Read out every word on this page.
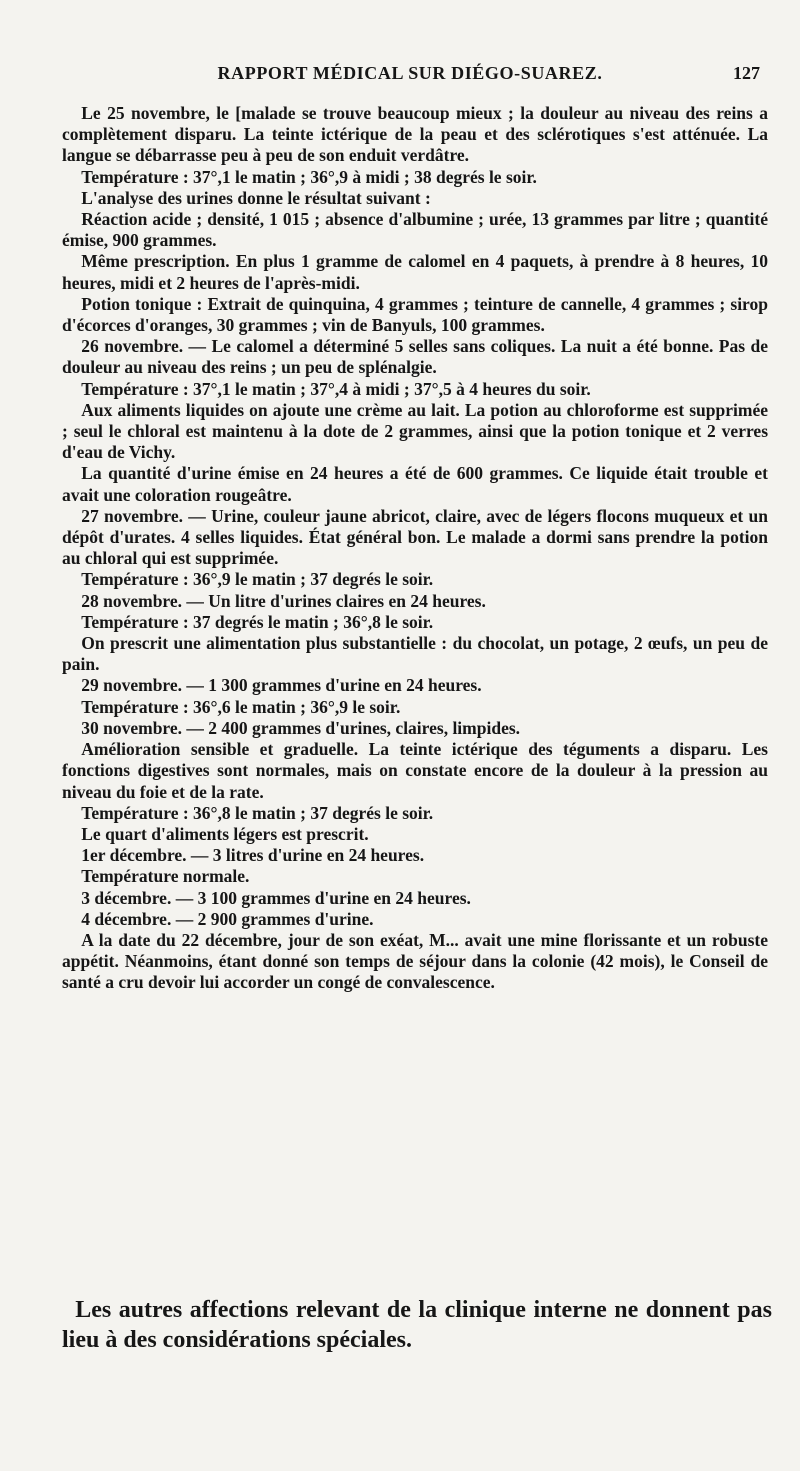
RAPPORT MÉDICAL SUR DIÉGO-SUAREZ.	127

Le 25 novembre, le [malade se trouve beaucoup mieux ; la douleur au niveau des reins a complètement disparu. La teinte ictérique de la peau et des sclérotiques s'est atténuée. La langue se débarrasse peu à peu de son enduit verdâtre.

Température : 37°,1 le matin ; 36°,9 à midi ; 38 degrés le soir.

L'analyse des urines donne le résultat suivant :

Réaction acide ; densité, 1 015 ; absence d'albumine ; urée, 13 grammes par litre ; quantité émise, 900 grammes.

Même prescription. En plus 1 gramme de calomel en 4 paquets, à prendre à 8 heures, 10 heures, midi et 2 heures de l'après-midi.

Potion tonique : Extrait de quinquina, 4 grammes ; teinture de cannelle, 4 grammes ; sirop d'écorces d'oranges, 30 grammes ; vin de Banyuls, 100 grammes.

26 novembre. — Le calomel a déterminé 5 selles sans coliques. La nuit a été bonne. Pas de douleur au niveau des reins ; un peu de splénalgie.

Température : 37°,1 le matin ; 37°,4 à midi ; 37°,5 à 4 heures du soir.

Aux aliments liquides on ajoute une crème au lait. La potion au chloroforme est supprimée ; seul le chloral est maintenu à la dote de 2 grammes, ainsi que la potion tonique et 2 verres d'eau de Vichy.

La quantité d'urine émise en 24 heures a été de 600 grammes. Ce liquide était trouble et avait une coloration rougeâtre.

27 novembre. — Urine, couleur jaune abricot, claire, avec de légers flocons muqueux et un dépôt d'urates. 4 selles liquides. État général bon. Le malade a dormi sans prendre la potion au chloral qui est supprimée.

Température : 36°,9 le matin ; 37 degrés le soir.

28 novembre. — Un litre d'urines claires en 24 heures.

Température : 37 degrés le matin ; 36°,8 le soir.

On prescrit une alimentation plus substantielle : du chocolat, un potage, 2 œufs, un peu de pain.

29 novembre. — 1 300 grammes d'urine en 24 heures.

Température : 36°,6 le matin ; 36°,9 le soir.

30 novembre. — 2 400 grammes d'urines, claires, limpides.

Amélioration sensible et graduelle. La teinte ictérique des téguments a disparu. Les fonctions digestives sont normales, mais on constate encore de la douleur à la pression au niveau du foie et de la rate.

Température : 36°,8 le matin ; 37 degrés le soir.

Le quart d'aliments légers est prescrit.

1er décembre. — 3 litres d'urine en 24 heures.

Température normale.

3 décembre. — 3 100 grammes d'urine en 24 heures.

4 décembre. — 2 900 grammes d'urine.

A la date du 22 décembre, jour de son exéat, M... avait une mine florissante et un robuste appétit. Néanmoins, étant donné son temps de séjour dans la colonie (42 mois), le Conseil de santé a cru devoir lui accorder un congé de convalescence.

Les autres affections relevant de la clinique interne ne donnent pas lieu à des considérations spéciales.
